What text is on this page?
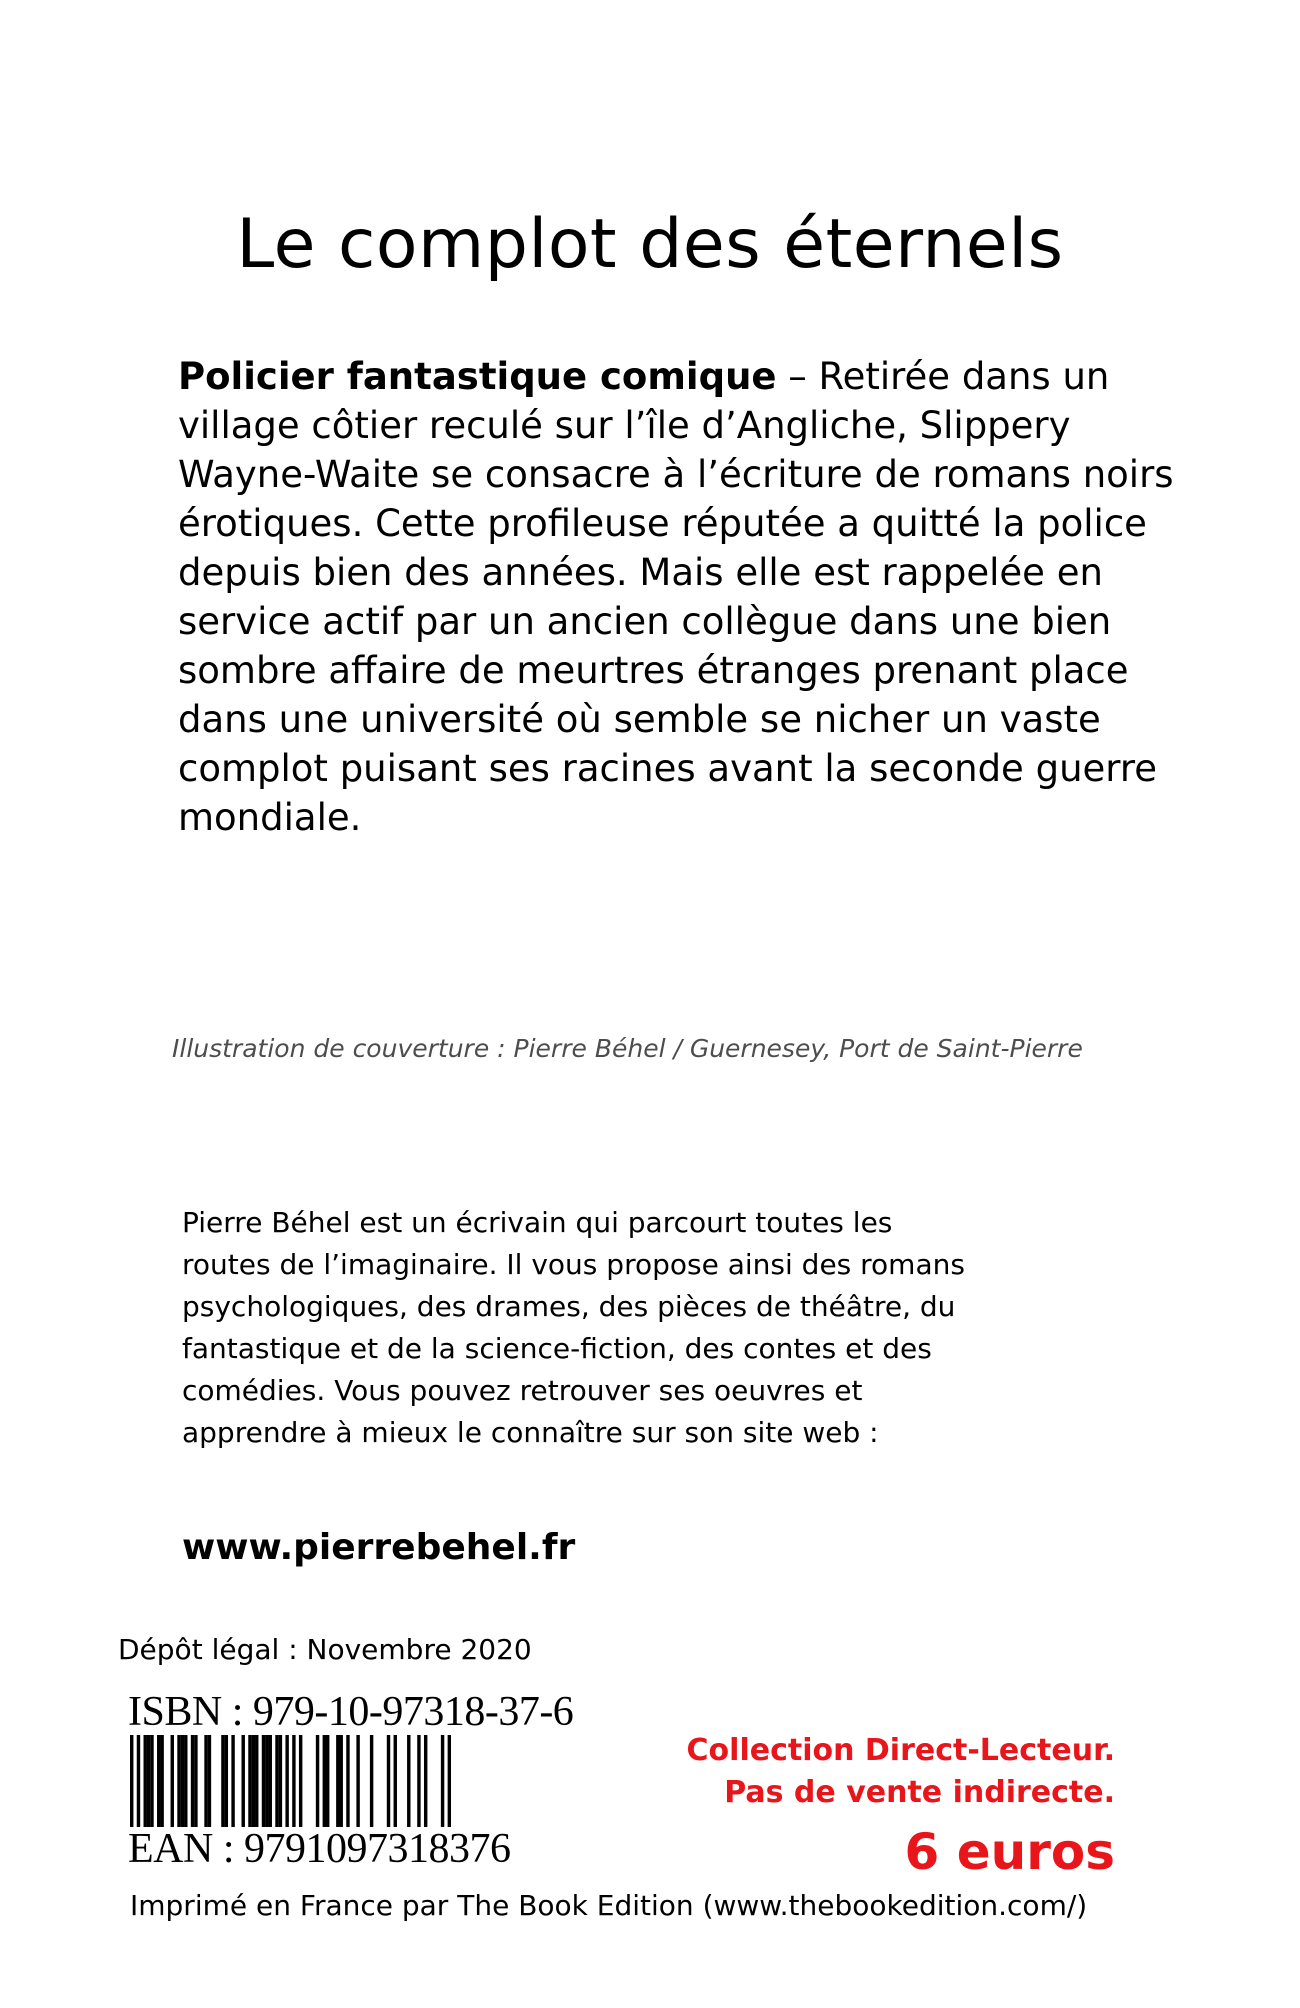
Le complot des éternels

Policier fantastique comique – Retirée dans un village côtier reculé sur l’île d’Angliche, Slippery Wayne-Waite se consacre à l’écriture de romans noirs érotiques. Cette profileuse réputée a quitté la police depuis bien des années. Mais elle est rappelée en service actif par un ancien collègue dans une bien sombre affaire de meurtres étranges prenant place dans une université où semble se nicher un vaste complot puisant ses racines avant la seconde guerre mondiale.

Illustration de couverture : Pierre Béhel / Guernesey, Port de Saint-Pierre

Pierre Béhel est un écrivain qui parcourt toutes les routes de l’imaginaire. Il vous propose ainsi des romans psychologiques, des drames, des pièces de théâtre, du fantastique et de la science-fiction, des contes et des comédies. Vous pouvez retrouver ses oeuvres et apprendre à mieux le connaître sur son site web :

www.pierrebehel.fr
Dépôt légal : Novembre 2020
ISBN : 979-10-97318-37-6
EAN : 9791097318376
Collection Direct-Lecteur.
Pas de vente indirecte.
6 euros
Imprimé en France par The Book Edition (www.thebookedition.com/)
